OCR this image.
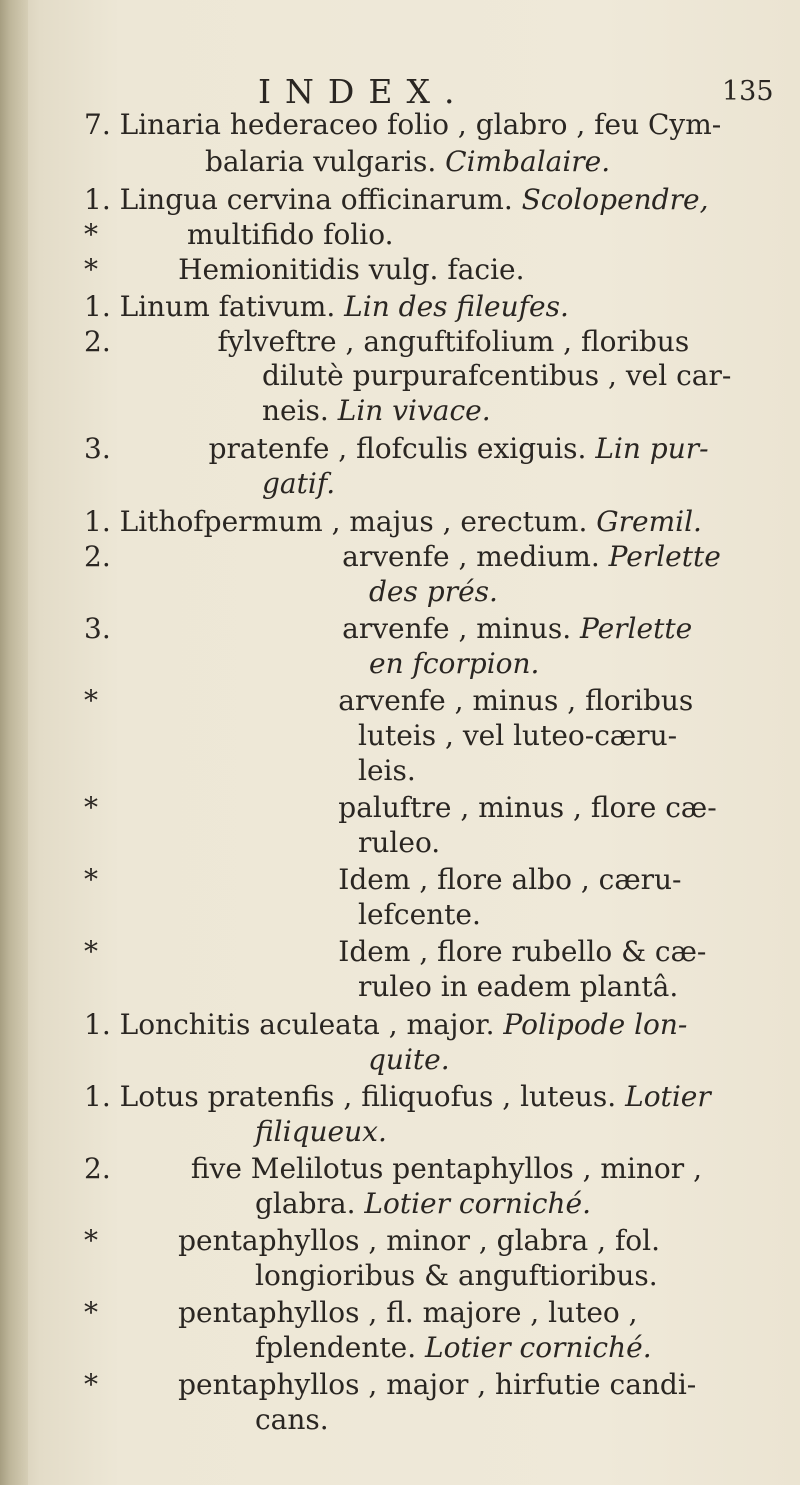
INDEX.	135
7. Linaria hederaceo folio , glabro , feu Cym-
balaria vulgaris. Cimbalaire.
1. Lingua cervina officinarum. Scolopendre,
*          multifido folio.
*         Hemionitidis vulg. facie.
1. Linum fativum. Lin des fileufes.
2.            fylveftre , anguftifolium , floribus
dilutè purpurafcentibus , vel car-
neis. Lin vivace.
3.           pratenfe , flofculis exiguis. Lin pur-
gatif.
1. Lithofpermum , majus , erectum. Gremil.
2.                          arvenfe , medium. Perlette
des prés.
3.                          arvenfe , minus. Perlette
en fcorpion.
*                           arvenfe , minus , floribus
luteis , vel luteo-cæru-
leis.
*                           paluftre , minus , flore cæ-
ruleo.
*                           Idem , flore albo , cæru-
lefcente.
*                           Idem , flore rubello & cæ-
ruleo in eadem plantâ.
1. Lonchitis aculeata , major. Polipode lon-
quite.
1. Lotus pratenfis , filiquofus , luteus. Lotier
filiqueux.
2.         five Melilotus pentaphyllos , minor ,
glabra. Lotier corniché.
*         pentaphyllos , minor , glabra , fol.
longioribus & anguftioribus.
*         pentaphyllos , fl. majore , luteo ,
fplendente. Lotier corniché.
*         pentaphyllos , major , hirfutie candi-
cans.
